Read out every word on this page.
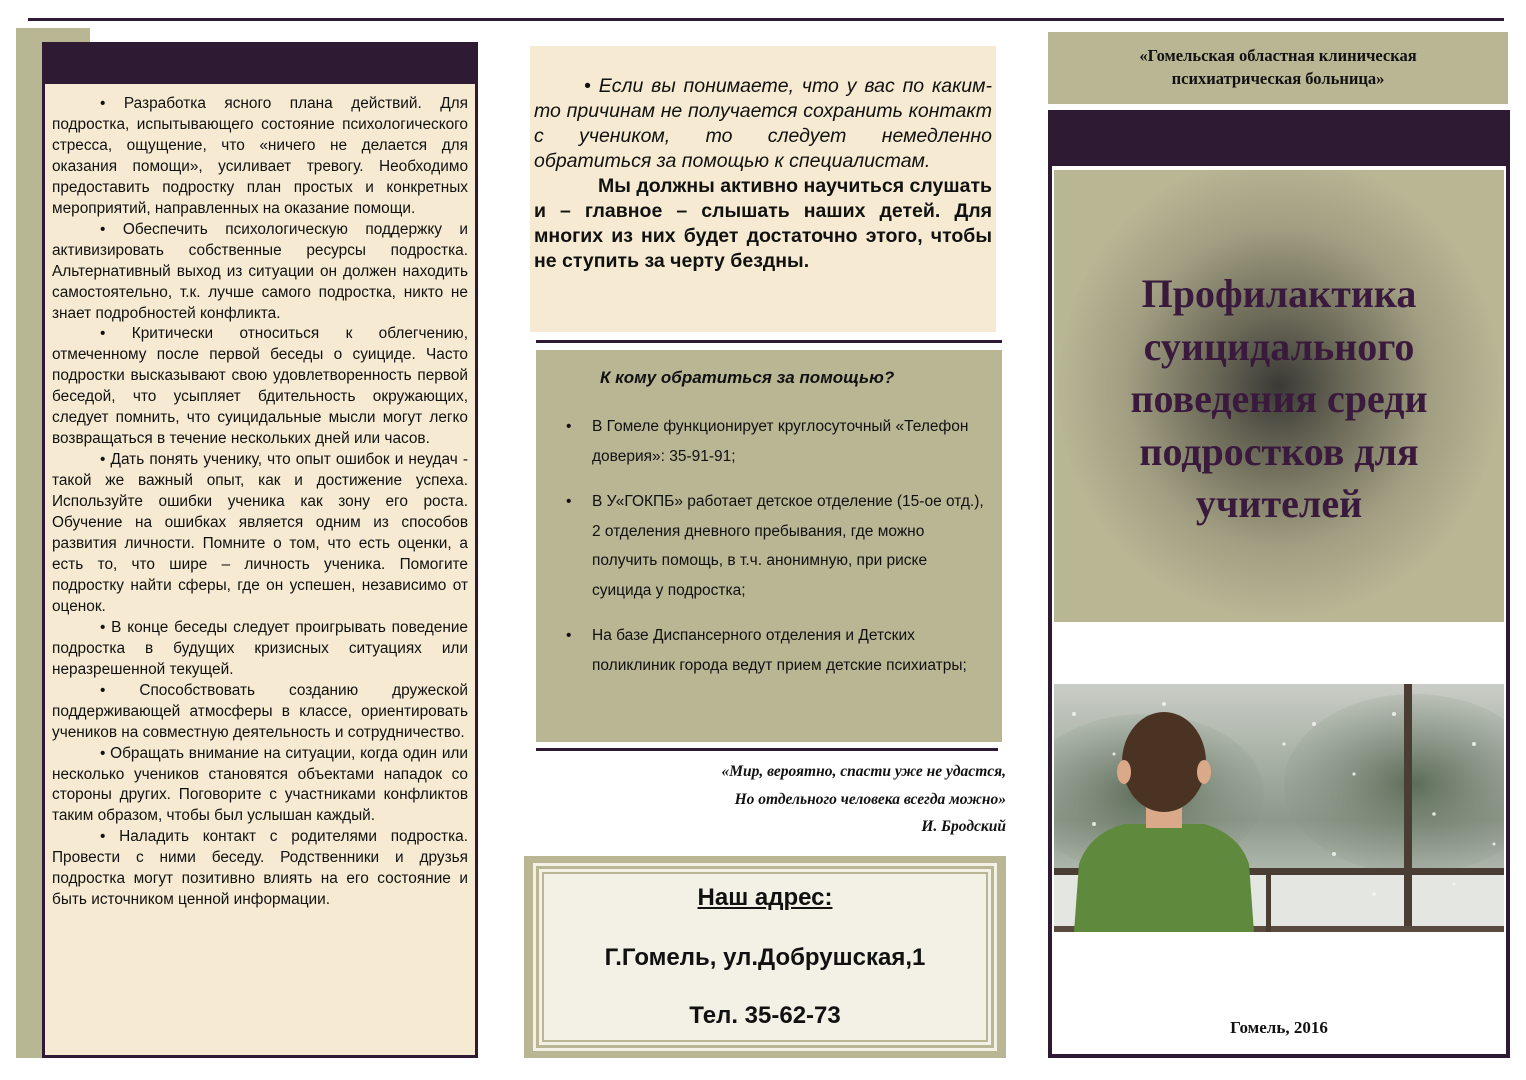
• Разработка ясного плана действий. Для подростка, испытывающего состояние психологического стресса, ощущение, что «ничего не делается для оказания помощи», усиливает тревогу. Необходимо предоставить подростку план простых и конкретных мероприятий, направленных на оказание помощи.

• Обеспечить психологическую поддержку и активизировать собственные ресурсы подростка. Альтернативный выход из ситуации он должен находить самостоятельно, т.к. лучше самого подростка, никто не знает подробностей конфликта.

• Критически относиться к облегчению, отмеченному после первой беседы о суициде. Часто подростки высказывают свою удовлетворенность первой беседой, что усыпляет бдительность окружающих, следует помнить, что суицидальные мысли могут легко возвращаться в течение нескольких дней или часов.

• Дать понять ученику, что опыт ошибок и неудач - такой же важный опыт, как и достижение успеха. Используйте ошибки ученика как зону его роста. Обучение на ошибках является одним из способов развития личности. Помните о том, что есть оценки, а есть то, что шире – личность ученика. Помогите подростку найти сферы, где он успешен, независимо от оценок.

• В конце беседы следует проигрывать поведение подростка в будущих кризисных ситуациях или неразрешенной текущей.

• Способствовать созданию дружеской поддерживающей атмосферы в классе, ориентировать учеников на совместную деятельность и сотрудничество.

• Обращать внимание на ситуации, когда один или несколько учеников становятся объектами нападок со стороны других. Поговорите с участниками конфликтов таким образом, чтобы был услышан каждый.

• Наладить контакт с родителями подростка. Провести с ними беседу. Родственники и друзья подростка могут позитивно влиять на его состояние и быть источником ценной информации.

• Если вы понимаете, что у вас по каким-то причинам не получается сохранить контакт с учеником, то следует немедленно обратиться за помощью к специалистам.
Мы должны активно научиться слушать и – главное – слышать наших детей. Для многих из них будет достаточно этого, чтобы не ступить за черту бездны.
К кому обратиться за помощью?
• В Гомеле функционирует круглосуточный «Телефон доверия»: 35-91-91;
• В У«ГОКПБ» работает детское отделение (15-ое отд.), 2 отделения дневного пребывания, где можно получить помощь, в т.ч. анонимную, при риске суицида у подростка;
• На базе Диспансерного отделения и Детских поликлиник города ведут прием детские психиатры;
«Мир, вероятно, спасти уже не удастся,
Но отдельного человека всегда можно»
И. Бродский
Наш адрес:
Г.Гомель, ул.Добрушская,1
Тел. 35-62-73
«Гомельская областная клиническая
психиатрическая больница»
Профилактика
суицидального
поведения среди
подростков для
учителей
Гомель, 2016
